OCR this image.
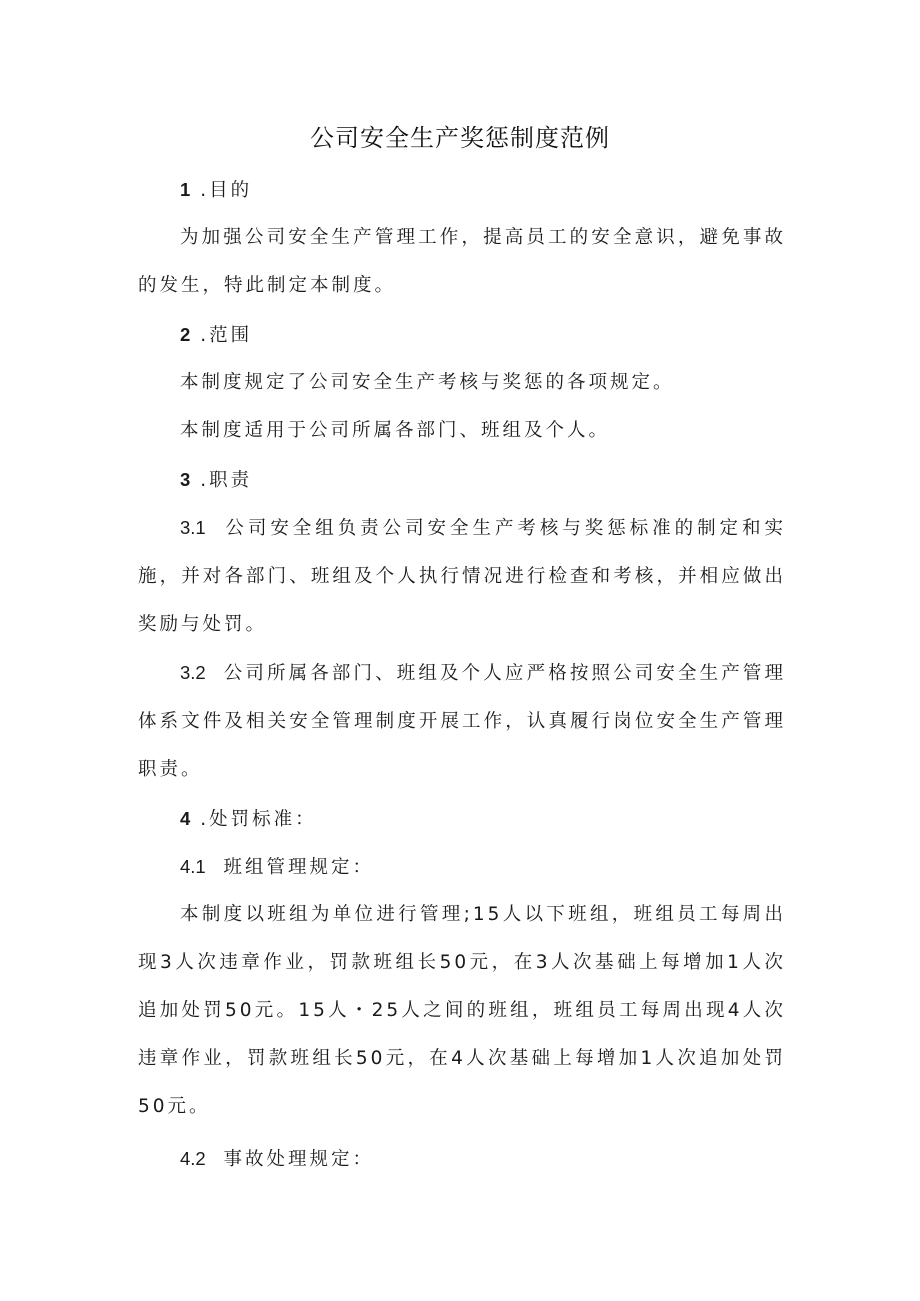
公司安全生产奖惩制度范例

1 .目的

为加强公司安全生产管理工作，提高员工的安全意识，避免事故的发生，特此制定本制度。

2 .范围

本制度规定了公司安全生产考核与奖惩的各项规定。

本制度适用于公司所属各部门、班组及个人。

3 .职责

3.1 公司安全组负责公司安全生产考核与奖惩标准的制定和实施，并对各部门、班组及个人执行情况进行检查和考核，并相应做出奖励与处罚。

3.2 公司所属各部门、班组及个人应严格按照公司安全生产管理体系文件及相关安全管理制度开展工作，认真履行岗位安全生产管理职责。

4 .处罚标准：

4.1 班组管理规定：

本制度以班组为单位进行管理;15人以下班组，班组员工每周出现3人次违章作业，罚款班组长50元，在3人次基础上每增加1人次追加处罚50元。15人・25人之间的班组，班组员工每周出现4人次违章作业，罚款班组长50元，在4人次基础上每增加1人次追加处罚50元。

4.2 事故处理规定：
